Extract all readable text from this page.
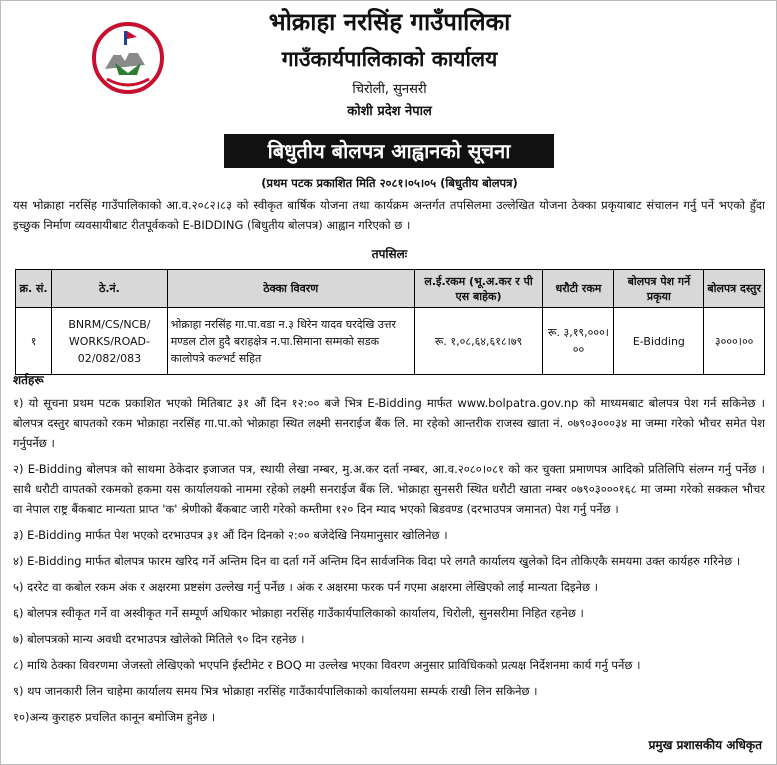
भोक्राहा नरसिंह गाउँपालिका
गाउँकार्यपालिकाको कार्यालय
चिरोली, सुनसरी
कोशी प्रदेश नेपाल
बिधुतीय बोलपत्र आह्वानको सूचना
(प्रथम पटक प्रकाशित मिति २०८१।०५।०५ (बिधुतीय बोलपत्र)
यस भोक्राहा नरसिंह गाउँपालिकाको आ.व.२०८२।८३ को स्वीकृत बार्षिक योजना तथा कार्यक्रम अन्तर्गत तपसिलमा उल्लेखित योजना ठेक्का प्रकृयाबाट संचालन गर्नु पर्ने भएको हुँदा इच्छुक निर्माण व्यवसायीबाट रीतपूर्वकको E-BIDDING (बिधुतीय बोलपत्र) आह्वान गरिएको छ ।
तपसिलः
क्र. सं.	ठे.नं.	ठेक्का विवरण	ल.ई.रकम (भू.अ.कर र पी एस बाहेक)	धरौटी रकम	बोलपत्र पेश गर्ने प्रकृया	बोलपत्र दस्तुर
१	BNRM/CS/NCB/ WORKS/ROAD- 02/082/083	भोक्राहा नरसिंह गा.पा.वडा न.३ धिरेन यादव घरदेखि उत्तर मण्डल टोल हुदै बराहक्षेत्र न.पा.सिमाना सम्मको सडक कालोपत्रे कल्भर्ट सहित	रू. १,०८,६४,६१८।७९	रू. ३,१९,०००।००	E-Bidding	३०००।००
शर्तहरू
१) यो सूचना प्रथम पटक प्रकाशित भएको मितिबाट ३१ औं दिन १२:०० बजे भित्र E-Bidding मार्फत www.bolpatra.gov.np को माध्यमबाट बोलपत्र पेश गर्न सकिनेछ । बोलपत्र दस्तुर बापतको रकम भोक्राहा नरसिंह गा.पा.को भोक्राहा स्थित लक्ष्मी सनराईज बैंक लि. मा रहेको आन्तरीक राजस्व खाता नं. ०७९०३०००३४ मा जम्मा गरेको भौचर समेत पेश गर्नुपर्नेछ ।
२) E-Bidding बोलपत्र को साथमा ठेकेदार इजाजत पत्र, स्थायी लेखा नम्बर, मु.अ.कर दर्ता नम्बर, आ.व.२०८०।०८१ को कर चुक्ता प्रमाणपत्र आदिको प्रतिलिपि संलग्न गर्नु पर्नेछ । साथै धरौटी वापतको रकमको हकमा यस कार्यालयको नाममा रहेको लक्ष्मी सनराईज बैंक लि. भोक्राहा सुनसरी स्थित धरौटी खाता नम्बर ०७९०३०००१६८ मा जम्मा गरेको सक्कल भौचर वा नेपाल राष्ट्र बैंकबाट मान्यता प्राप्त 'क' श्रेणीको बैंकबाट जारी गरेको कम्तीमा १२० दिन म्याद भएको बिडवण्ड (दरभाउपत्र जमानत) पेश गर्नु पर्नेछ ।
३) E-Bidding मार्फत पेश भएको दरभाउपत्र ३१ औं दिन दिनको २:०० बजेदेखि नियमानुसार खोलिनेछ ।
४) E-Bidding मार्फत बोलपत्र फारम खरिद गर्ने अन्तिम दिन वा दर्ता गर्ने अन्तिम दिन सार्वजनिक विदा परे लगतै कार्यालय खुलेको दिन तोकिएकै समयमा उक्त कार्यहरु गरिनेछ ।
५) दररेट वा कबोल रकम अंक र अक्षरमा प्रष्टसंग उल्लेख गर्नु पर्नेछ । अंक र अक्षरमा फरक पर्न गएमा अक्षरमा लेखिएको लाई मान्यता दिइनेछ ।
६) बोलपत्र स्वीकृत गर्ने वा अस्वीकृत गर्ने सम्पूर्ण अधिकार भोक्राहा नरसिंह गाउँकार्यपालिकाको कार्यालय, चिरोली, सुनसरीमा निहित रहनेछ ।
७) बोलपत्रको मान्य अवधी दरभाउपत्र खोलेको मितिले ९० दिन रहनेछ ।
८) माथि ठेक्का विवरणमा जेजस्तो लेखिएको भएपनि ईस्टीमेट र BOQ मा उल्लेख भएका विवरण अनुसार प्राविधिकको प्रत्यक्ष निर्देशनमा कार्य गर्नु पर्नेछ ।
९) थप जानकारी लिन चाहेमा कार्यालय समय भित्र भोक्राहा नरसिंह गाउँकार्यपालिकाको कार्यालयमा सम्पर्क राखी लिन सकिनेछ ।
१०)अन्य कुराहरु प्रचलित कानून बमोजिम हुनेछ ।
प्रमुख प्रशासकीय अधिकृत
